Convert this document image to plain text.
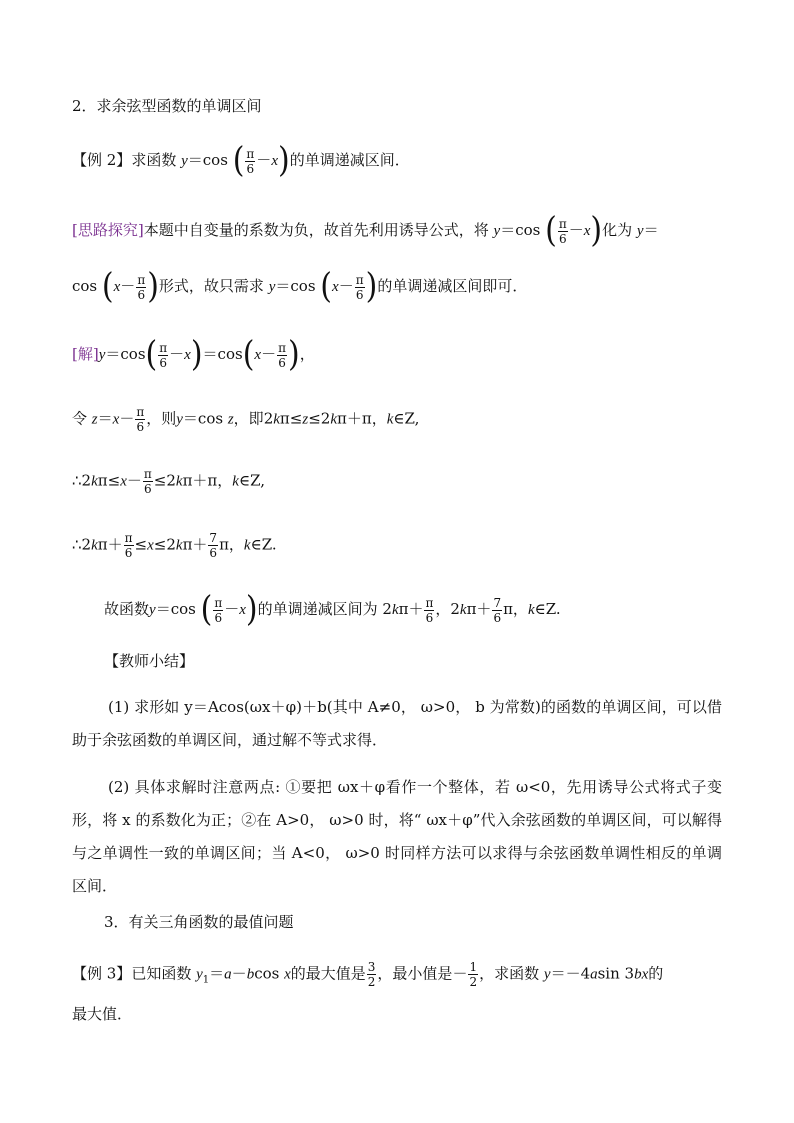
2．求余弦型函数的单调区间
【例 2】求函数 y＝cos ( $\frac{\pi}{6} -x$)的单调递减区间．
[思路探究]本题中自变量的系数为负，故首先利用诱导公式，将 y＝cos ( $\frac{\pi}{6} -x$)化为 y＝
$\cos (x- \frac{\pi}{6}$ )形式，故只需求 y＝cos ($x- \frac{\pi}{6}$ )的单调递减区间即可．
[解]$y=\cos( \frac{\pi}{6} -x)=\cos(x- \frac{\pi}{6}$ )，
令 $z=x- \frac{\pi}{6}$ ，则y＝cos z，即2kπ≤z≤2kπ＋π，k∈Z,
∴2kπ≤x－ $\frac{\pi}{6} \le 2k\pi+\pi$，k∈Z,
∴2kπ＋ $\frac{\pi}{6} \le x\le 2k\pi+ \frac{7}{6}$ π，k∈Z.
故函数y＝cos ( $\frac{\pi}{6} -x$)的单调递减区间为 $2k\pi+ \frac{\pi}{6}$ ，$2k\pi+ \frac{7}{6}$ π，k∈Z.
【教师小结】
(1) 求形如 y＝Acos(ωx＋φ)＋b(其中 A≠0， ω>0， b 为常数)的函数的单调区间，可以借助于余弦函数的单调区间，通过解不等式求得．
(2) 具体求解时注意两点: ①要把 ωx＋φ看作一个整体，若 ω<0，先用诱导公式将式子变形，将 x 的系数化为正；②在 A>0， ω>0 时，将“ ωx＋φ”代入余弦函数的单调区间，可以解得与之单调性一致的单调区间；当 A<0， ω>0 时同样方法可以求得与余弦函数单调性相反的单调区间．
3．有关三角函数的最值问题
【例 3】已知函数 $y_1=a-bcos$ x的最大值是 $\frac{3}{2}$ ，最小值是－ $\frac{1}{2}$ ，求函数 y＝－4asin 3bx的
最大值．
